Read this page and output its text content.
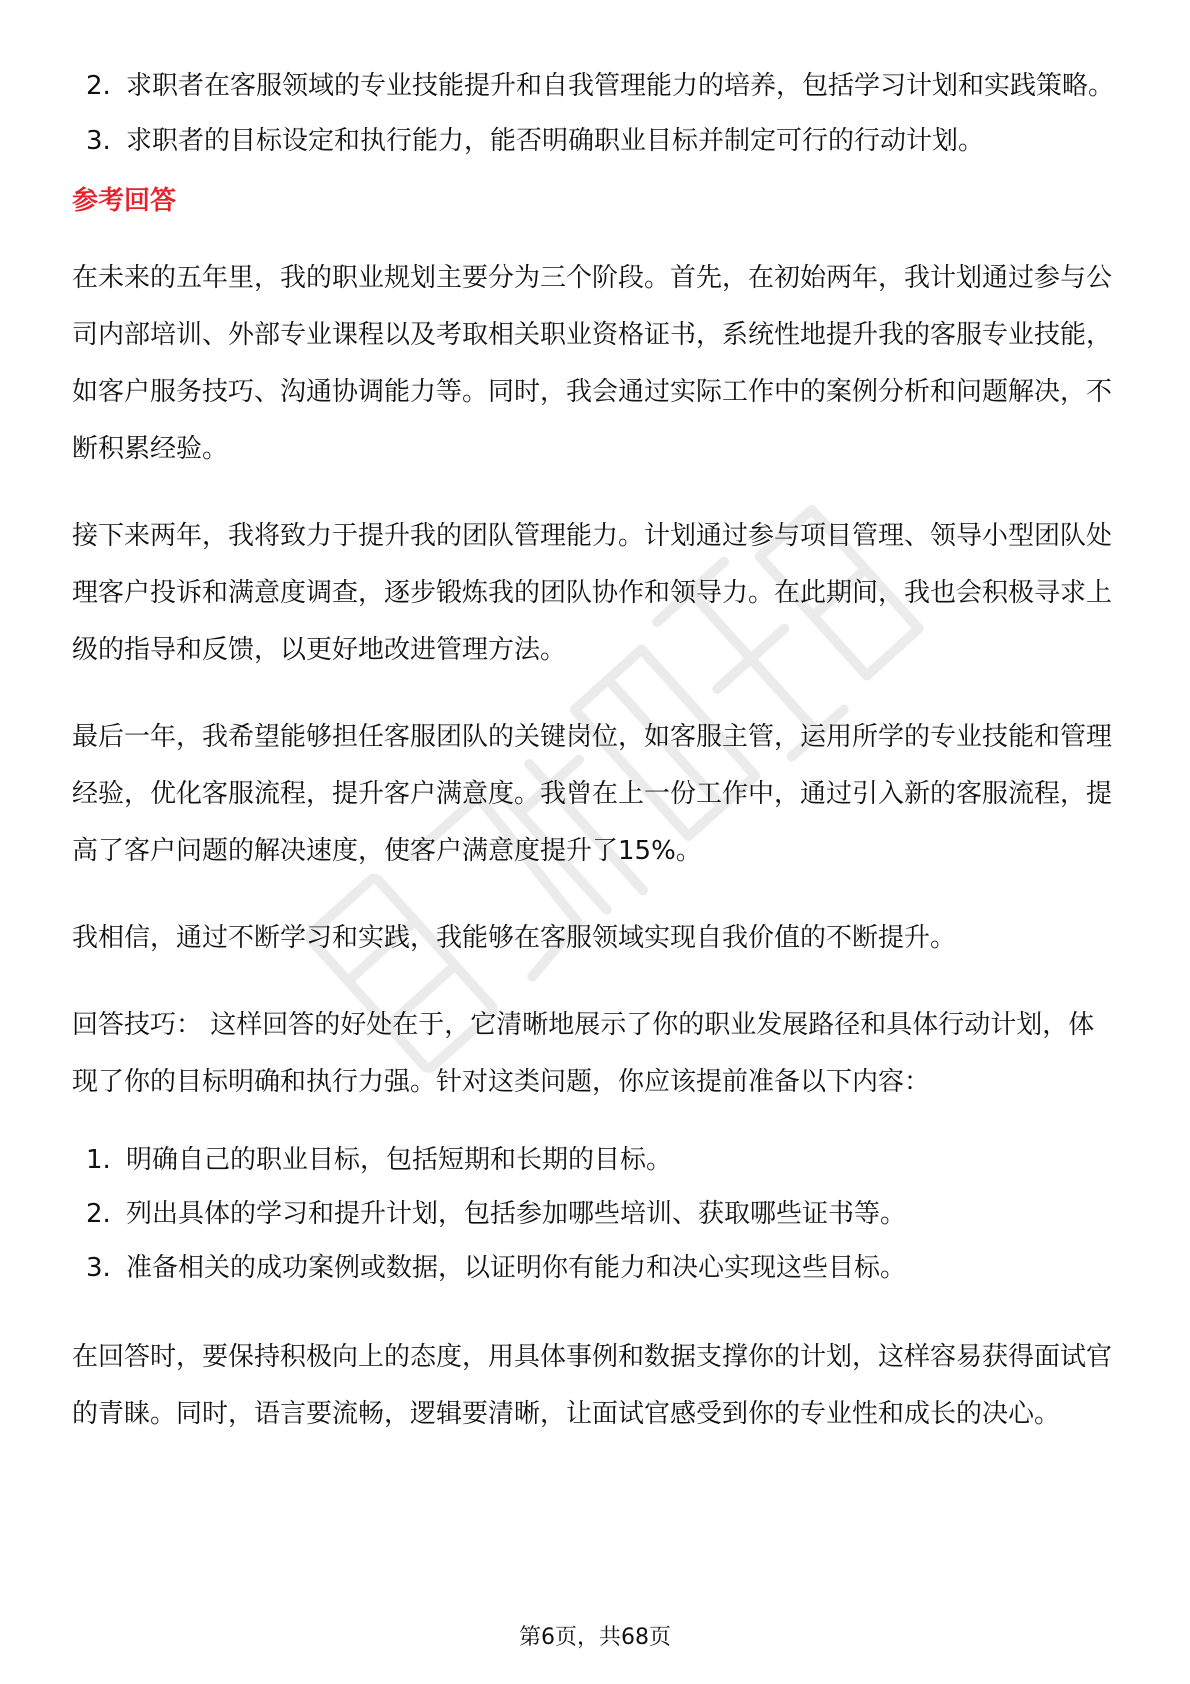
2. 求职者在客服领域的专业技能提升和自我管理能力的培养，包括学习计划和实践策略。
3. 求职者的目标设定和执行能力，能否明确职业目标并制定可行的行动计划。
参考回答

在未来的五年里，我的职业规划主要分为三个阶段。首先，在初始两年，我计划通过参与公司内部培训、外部专业课程以及考取相关职业资格证书，系统性地提升我的客服专业技能，如客户服务技巧、沟通协调能力等。同时，我会通过实际工作中的案例分析和问题解决，不断积累经验。

接下来两年，我将致力于提升我的团队管理能力。计划通过参与项目管理、领导小型团队处理客户投诉和满意度调查，逐步锻炼我的团队协作和领导力。在此期间，我也会积极寻求上级的指导和反馈，以更好地改进管理方法。

最后一年，我希望能够担任客服团队的关键岗位，如客服主管，运用所学的专业技能和管理经验，优化客服流程，提升客户满意度。我曾在上一份工作中，通过引入新的客服流程，提高了客户问题的解决速度，使客户满意度提升了15%。

我相信，通过不断学习和实践，我能够在客服领域实现自我价值的不断提升。

回答技巧： 这样回答的好处在于，它清晰地展示了你的职业发展路径和具体行动计划，体现了你的目标明确和执行力强。针对这类问题，你应该提前准备以下内容：

1. 明确自己的职业目标，包括短期和长期的目标。
2. 列出具体的学习和提升计划，包括参加哪些培训、获取哪些证书等。
3. 准备相关的成功案例或数据，以证明你有能力和决心实现这些目标。

在回答时，要保持积极向上的态度，用具体事例和数据支撑你的计划，这样容易获得面试官的青睐。同时，语言要流畅，逻辑要清晰，让面试官感受到你的专业性和成长的决心。

第6页，共68页
